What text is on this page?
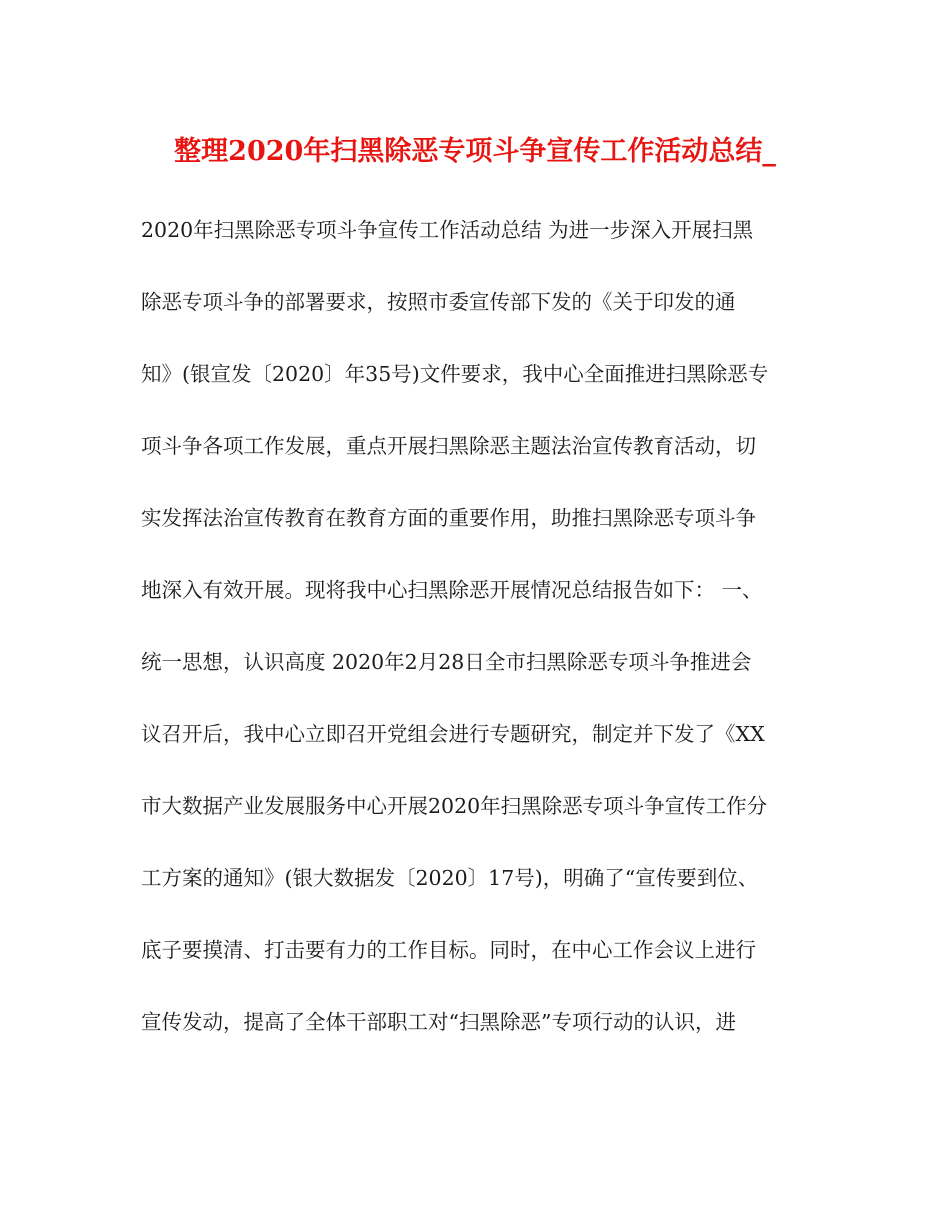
整理2020年扫黑除恶专项斗争宣传工作活动总结_

2020年扫黑除恶专项斗争宣传工作活动总结 为进一步深入开展扫黑

除恶专项斗争的部署要求，按照市委宣传部下发的《关于印发的通

知》(银宣发〔2020〕年35号)文件要求，我中心全面推进扫黑除恶专

项斗争各项工作发展，重点开展扫黑除恶主题法治宣传教育活动，切

实发挥法治宣传教育在教育方面的重要作用，助推扫黑除恶专项斗争

地深入有效开展。现将我中心扫黑除恶开展情况总结报告如下： 一、

统一思想，认识高度 2020年2月28日全市扫黑除恶专项斗争推进会

议召开后，我中心立即召开党组会进行专题研究，制定并下发了《XX

市大数据产业发展服务中心开展2020年扫黑除恶专项斗争宣传工作分

工方案的通知》(银大数据发〔2020〕17号)，明确了“宣传要到位、

底子要摸清、打击要有力的工作目标。同时，在中心工作会议上进行

宣传发动，提高了全体干部职工对“扫黑除恶”专项行动的认识，进
